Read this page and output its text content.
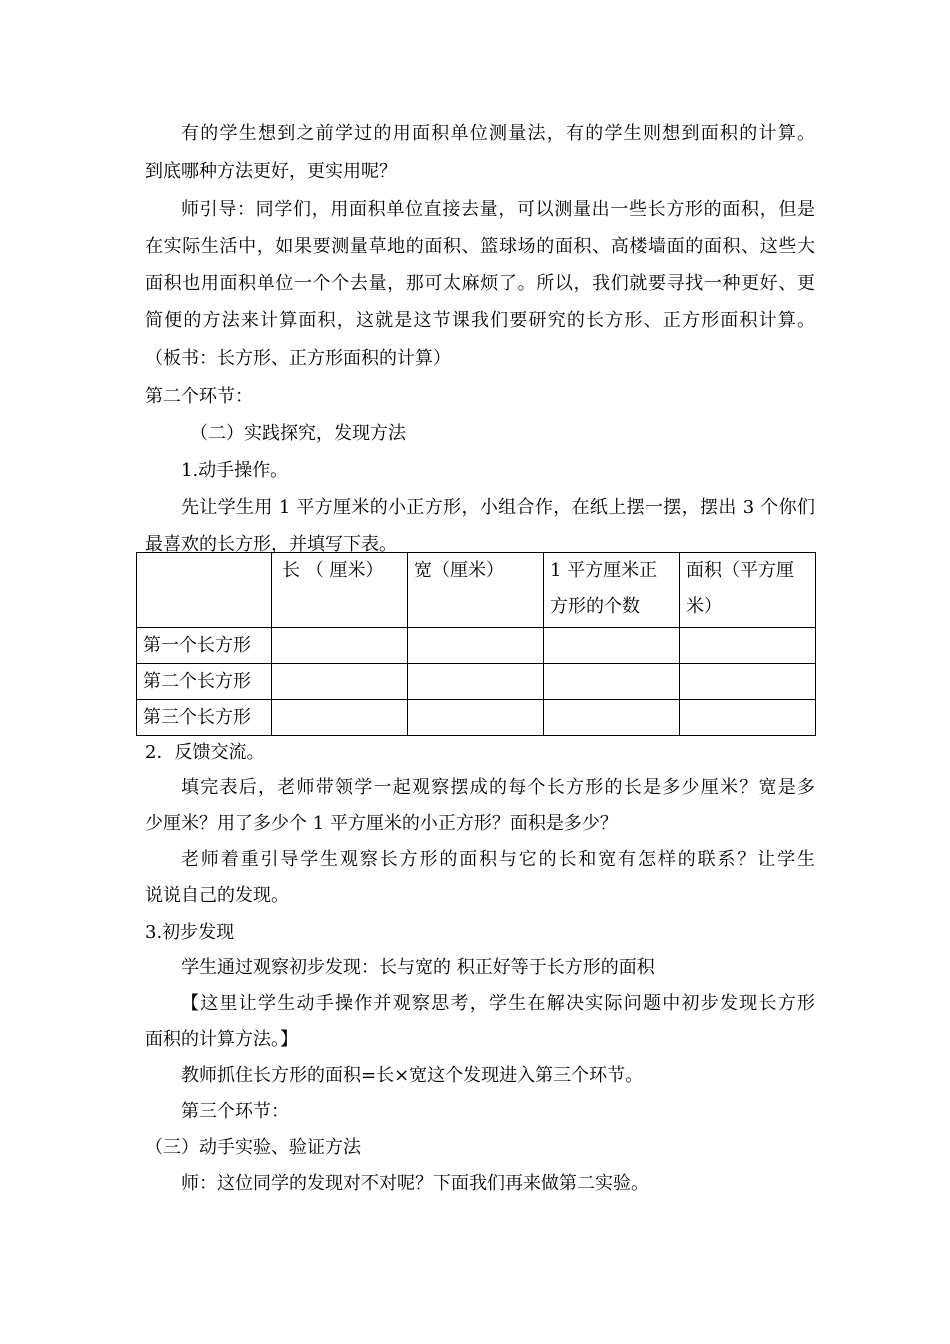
有的学生想到之前学过的用面积单位测量法，有的学生则想到面积的计算。
到底哪种方法更好，更实用呢？
师引导：同学们，用面积单位直接去量，可以测量出一些长方形的面积，但是
在实际生活中，如果要测量草地的面积、篮球场的面积、高楼墙面的面积、这些大
面积也用面积单位一个个去量，那可太麻烦了。所以，我们就要寻找一种更好、更
简便的方法来计算面积，这就是这节课我们要研究的长方形、正方形面积计算。
（板书：长方形、正方形面积的计算）
第二个环节：
（二）实践探究，发现方法
1.动手操作。
先让学生用 1 平方厘米的小正方形，小组合作，在纸上摆一摆，摆出 3 个你们
最喜欢的长方形，并填写下表。
	长 （ 厘米）	宽（厘米）	1 平方厘米正方形的个数	面积（平方厘米）
第一个长方形				
第二个长方形				
第三个长方形				
2．反馈交流。
填完表后，老师带领学一起观察摆成的每个长方形的长是多少厘米？宽是多
少厘米？用了多少个 1 平方厘米的小正方形？面积是多少？
老师着重引导学生观察长方形的面积与它的长和宽有怎样的联系？让学生
说说自己的发现。
3.初步发现
学生通过观察初步发现：长与宽的 积正好等于长方形的面积
【这里让学生动手操作并观察思考，学生在解决实际问题中初步发现长方形
面积的计算方法。】
教师抓住长方形的面积=长×宽这个发现进入第三个环节。
第三个环节：
（三）动手实验、验证方法
师：这位同学的发现对不对呢？下面我们再来做第二实验。
